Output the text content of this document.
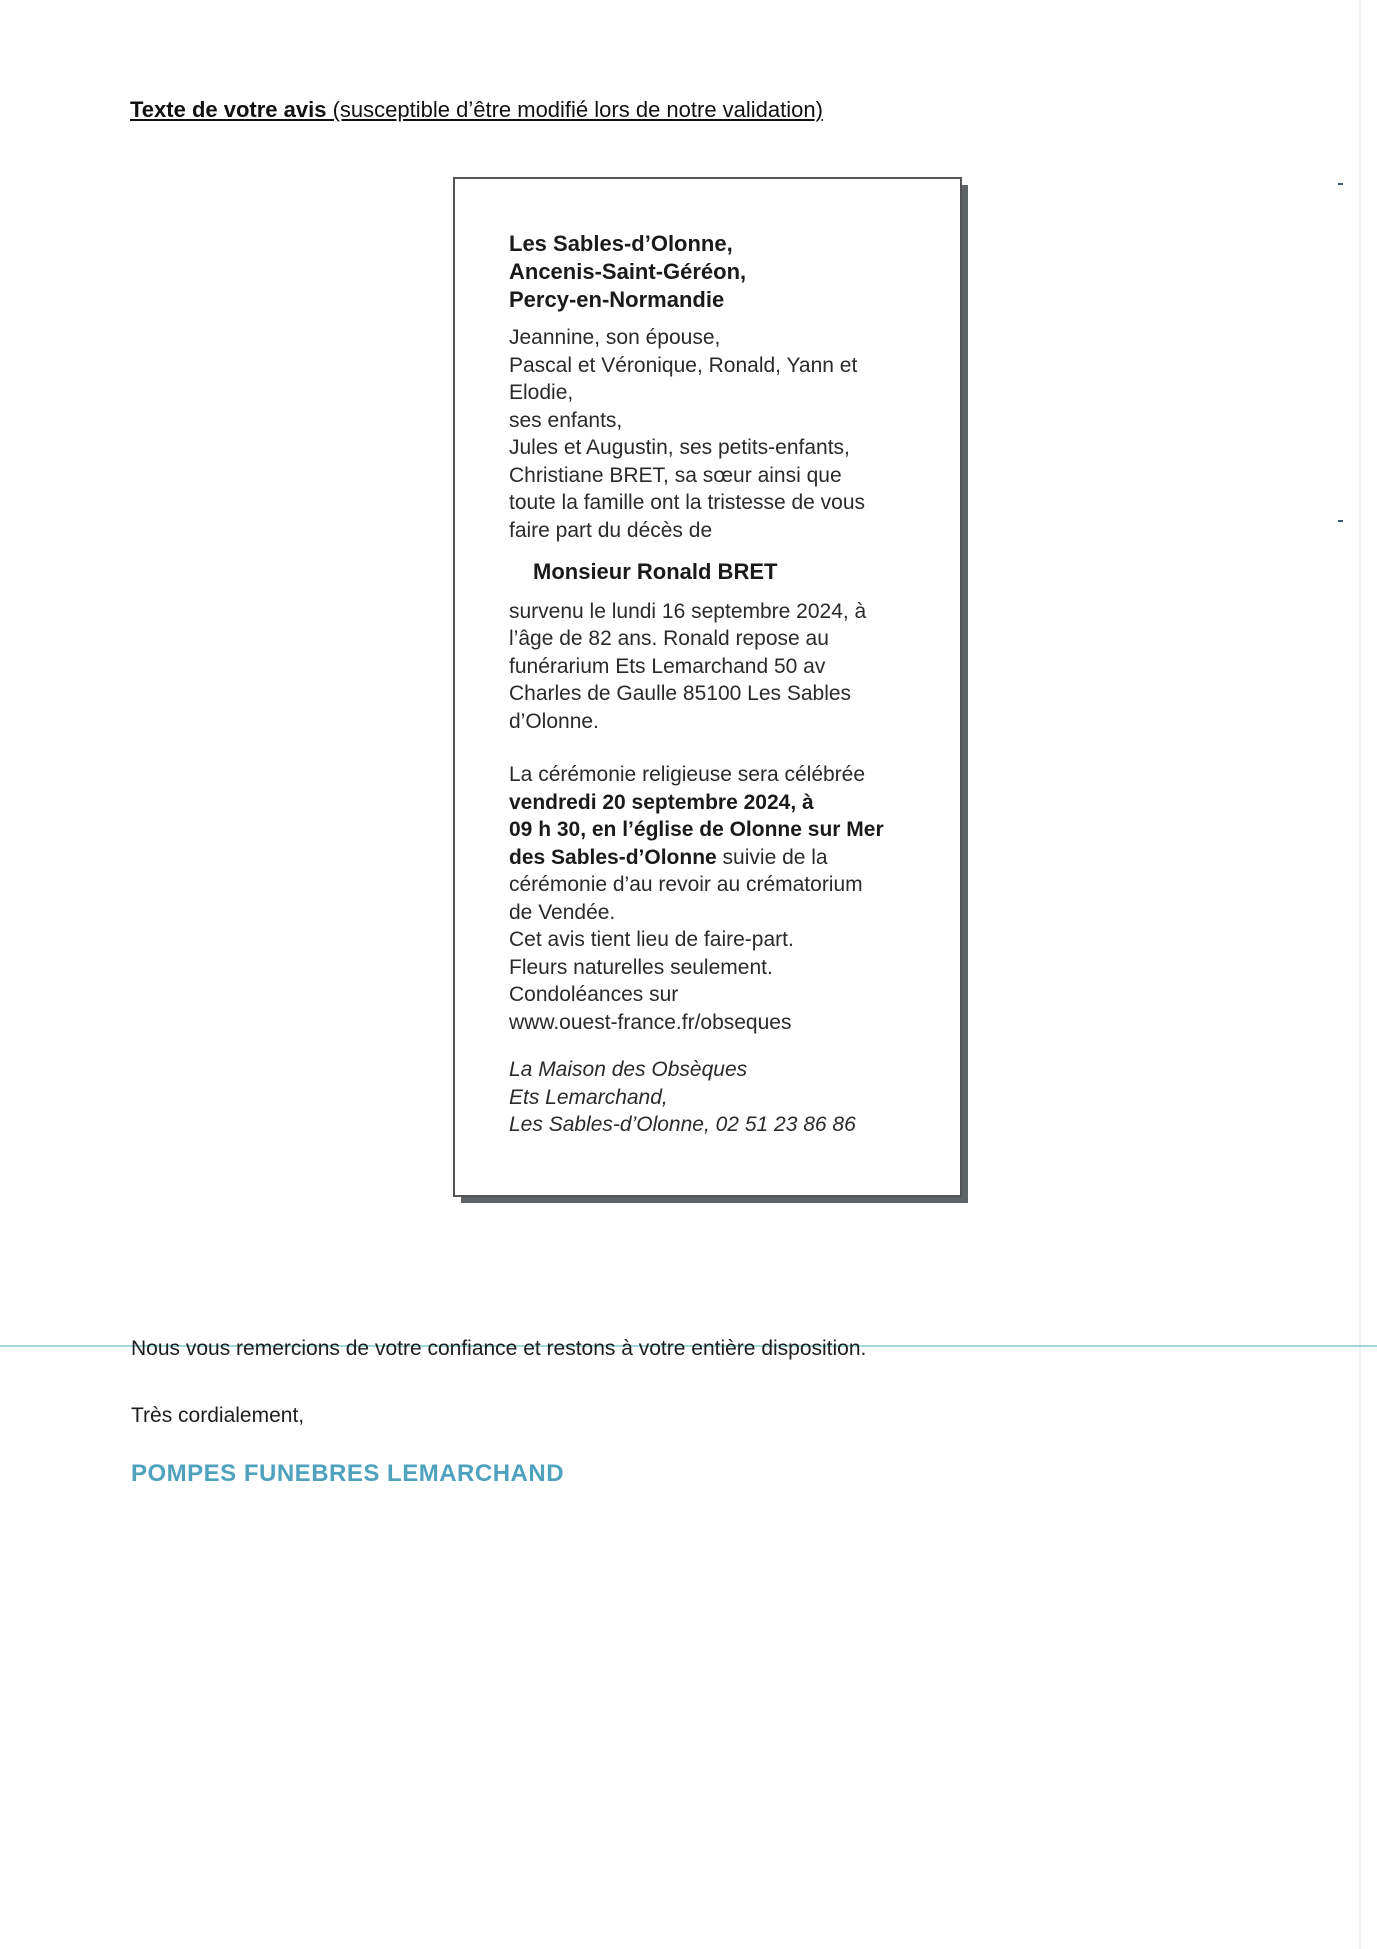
Texte de votre avis (susceptible d’être modifié lors de notre validation)
Les Sables-d’Olonne,
Ancenis-Saint-Géréon,
Percy-en-Normandie
Jeannine, son épouse,
Pascal et Véronique, Ronald, Yann et
Elodie,
ses enfants,
Jules et Augustin, ses petits-enfants,
Christiane BRET, sa sœur ainsi que
toute la famille ont la tristesse de vous
faire part du décès de
Monsieur Ronald BRET
survenu le lundi 16 septembre 2024, à
l’âge de 82 ans. Ronald repose au
funérarium Ets Lemarchand 50 av
Charles de Gaulle 85100 Les Sables
d’Olonne.
La cérémonie religieuse sera célébrée
vendredi 20 septembre 2024, à
09 h 30, en l’église de Olonne sur Mer
des Sables-d’Olonne suivie de la
cérémonie d’au revoir au crématorium
de Vendée.
Cet avis tient lieu de faire-part.
Fleurs naturelles seulement.
Condoléances sur
www.ouest-france.fr/obseques
La Maison des Obsèques
Ets Lemarchand,
Les Sables-d’Olonne, 02 51 23 86 86
Nous vous remercions de votre confiance et restons à votre entière disposition.
Très cordialement,
POMPES FUNEBRES LEMARCHAND
